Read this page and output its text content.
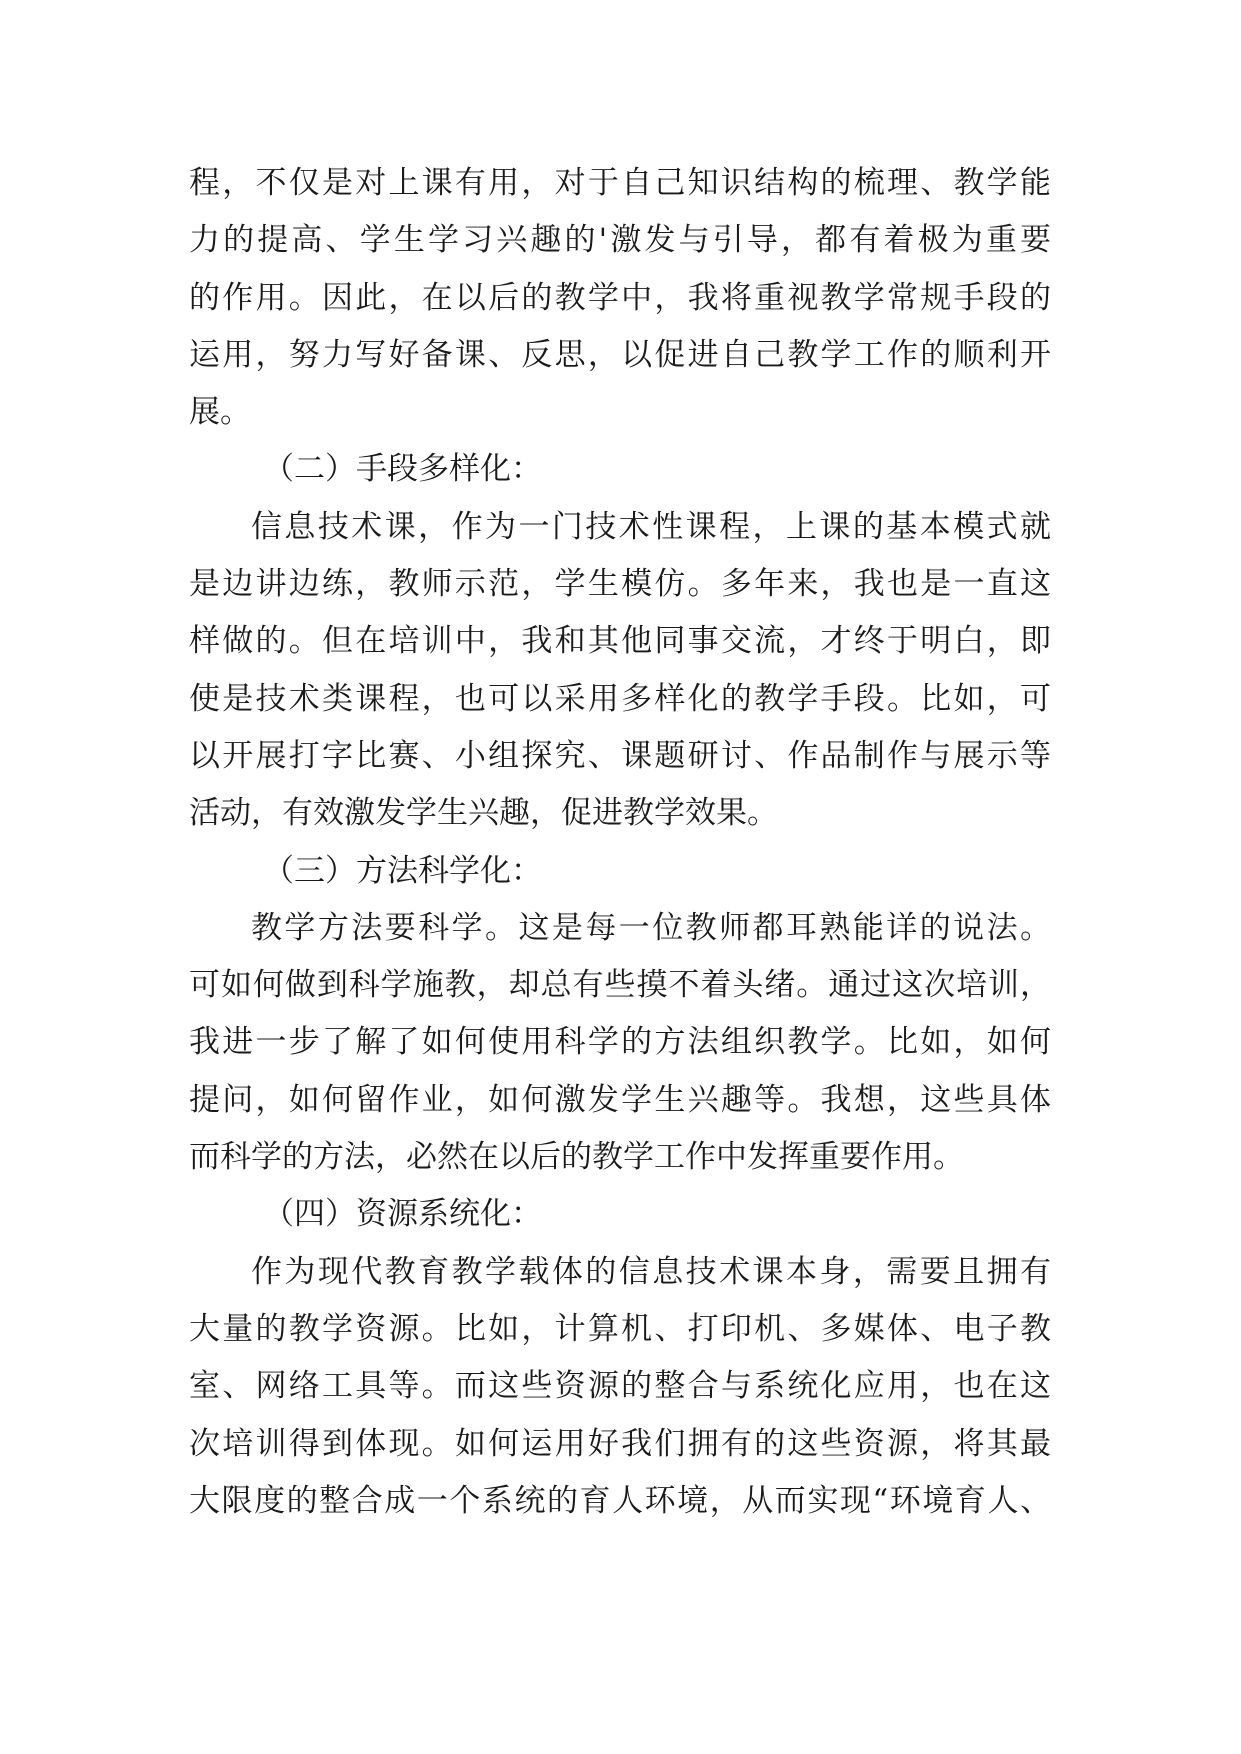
程，不仅是对上课有用，对于自己知识结构的梳理、教学能
力的提高、学生学习兴趣的'激发与引导，都有着极为重要
的作用。因此，在以后的教学中，我将重视教学常规手段的
运用，努力写好备课、反思，以促进自己教学工作的顺利开
展。
（二）手段多样化：
信息技术课，作为一门技术性课程，上课的基本模式就
是边讲边练，教师示范，学生模仿。多年来，我也是一直这
样做的。但在培训中，我和其他同事交流，才终于明白，即
使是技术类课程，也可以采用多样化的教学手段。比如，可
以开展打字比赛、小组探究、课题研讨、作品制作与展示等
活动，有效激发学生兴趣，促进教学效果。
（三）方法科学化：
教学方法要科学。这是每一位教师都耳熟能详的说法。
可如何做到科学施教，却总有些摸不着头绪。通过这次培训，
我进一步了解了如何使用科学的方法组织教学。比如，如何
提问，如何留作业，如何激发学生兴趣等。我想，这些具体
而科学的方法，必然在以后的教学工作中发挥重要作用。
（四）资源系统化：
作为现代教育教学载体的信息技术课本身，需要且拥有
大量的教学资源。比如，计算机、打印机、多媒体、电子教
室、网络工具等。而这些资源的整合与系统化应用，也在这
次培训得到体现。如何运用好我们拥有的这些资源，将其最
大限度的整合成一个系统的育人环境，从而实现“环境育人、
